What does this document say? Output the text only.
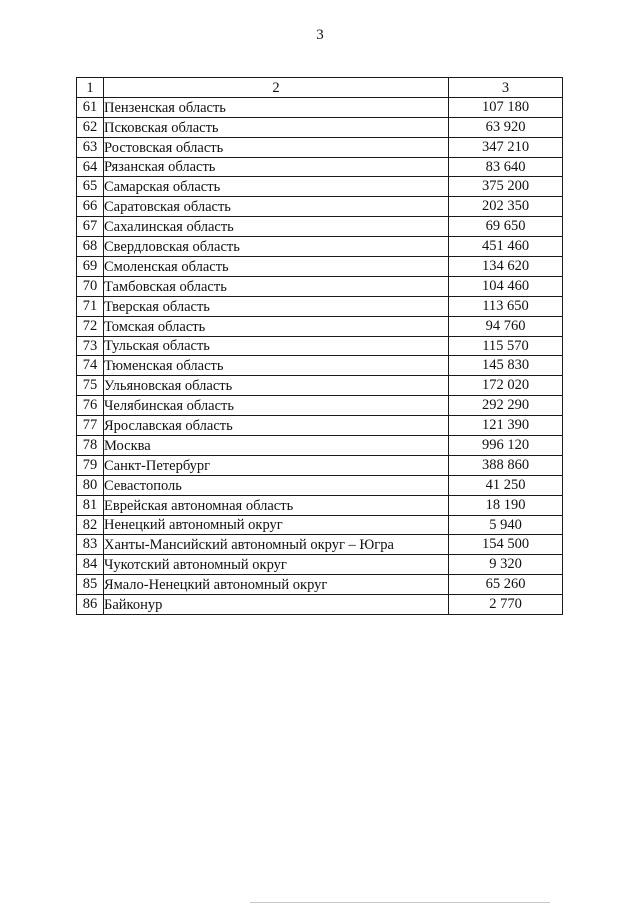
3
1	2	3
61	Пензенская область	107 180
62	Псковская область	63 920
63	Ростовская область	347 210
64	Рязанская область	83 640
65	Самарская область	375 200
66	Саратовская область	202 350
67	Сахалинская область	69 650
68	Свердловская область	451 460
69	Смоленская область	134 620
70	Тамбовская область	104 460
71	Тверская область	113 650
72	Томская область	94 760
73	Тульская область	115 570
74	Тюменская область	145 830
75	Ульяновская область	172 020
76	Челябинская область	292 290
77	Ярославская область	121 390
78	Москва	996 120
79	Санкт-Петербург	388 860
80	Севастополь	41 250
81	Еврейская автономная область	18 190
82	Ненецкий автономный округ	5 940
83	Ханты-Мансийский автономный округ – Югра	154 500
84	Чукотский автономный округ	9 320
85	Ямало-Ненецкий автономный округ	65 260
86	Байконур	2 770
